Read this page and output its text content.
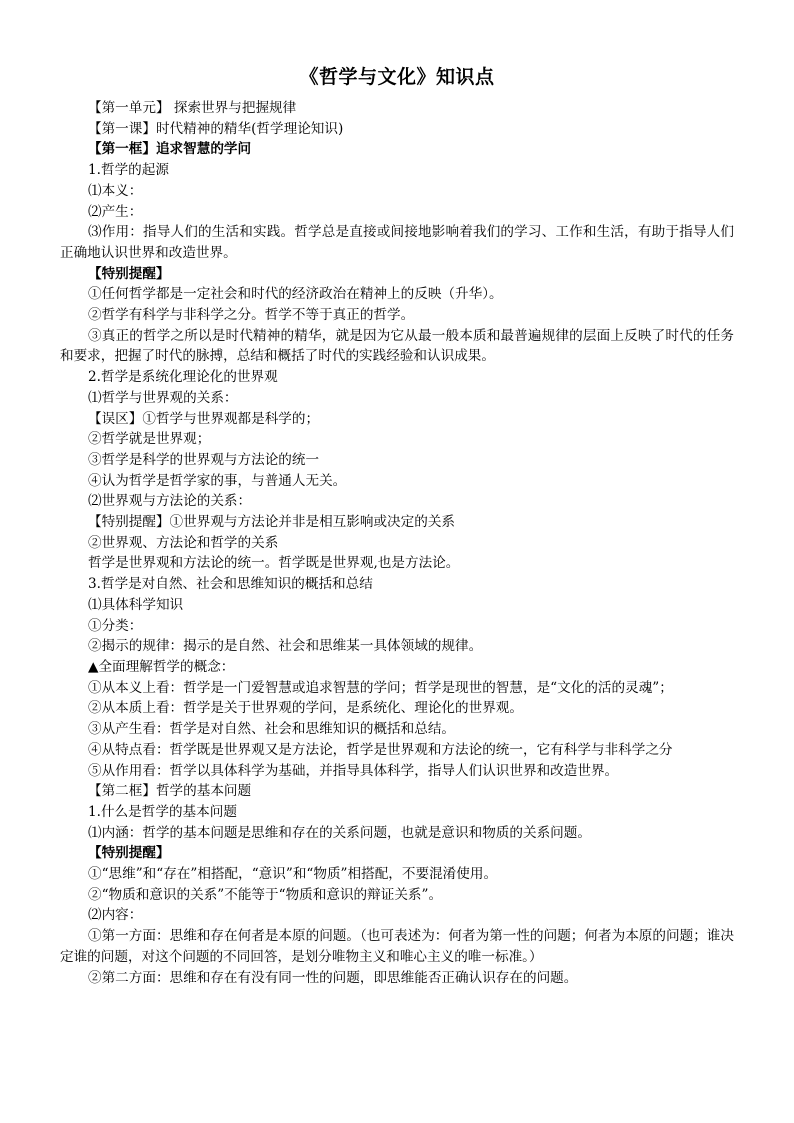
《哲学与文化》知识点
【第一单元】 探索世界与把握规律
【第一课】时代精神的精华(哲学理论知识)
【第一框】追求智慧的学问
1.哲学的起源
⑴本义：
⑵产生：
⑶作用：指导人们的生活和实践。哲学总是直接或间接地影响着我们的学习、工作和生活，有助于指导人们正确地认识世界和改造世界。
【特别提醒】
①任何哲学都是一定社会和时代的经济政治在精神上的反映（升华）。
②哲学有科学与非科学之分。哲学不等于真正的哲学。
③真正的哲学之所以是时代精神的精华，就是因为它从最一般本质和最普遍规律的层面上反映了时代的任务和要求，把握了时代的脉搏，总结和概括了时代的实践经验和认识成果。
2.哲学是系统化理论化的世界观
⑴哲学与世界观的关系：
【误区】①哲学与世界观都是科学的；
②哲学就是世界观；
③哲学是科学的世界观与方法论的统一
④认为哲学是哲学家的事，与普通人无关。
⑵世界观与方法论的关系：
【特别提醒】①世界观与方法论并非是相互影响或决定的关系
②世界观、方法论和哲学的关系
哲学是世界观和方法论的统一。哲学既是世界观,也是方法论。
3.哲学是对自然、社会和思维知识的概括和总结
⑴具体科学知识
①分类：
②揭示的规律：揭示的是自然、社会和思维某一具体领域的规律。
▲全面理解哲学的概念：
①从本义上看：哲学是一门爱智慧或追求智慧的学问；哲学是现世的智慧，是“文化的活的灵魂”；
②从本质上看：哲学是关于世界观的学问，是系统化、理论化的世界观。
③从产生看：哲学是对自然、社会和思维知识的概括和总结。
④从特点看：哲学既是世界观又是方法论，哲学是世界观和方法论的统一，它有科学与非科学之分
⑤从作用看：哲学以具体科学为基础，并指导具体科学，指导人们认识世界和改造世界。
【第二框】哲学的基本问题
1.什么是哲学的基本问题
⑴内涵：哲学的基本问题是思维和存在的关系问题，也就是意识和物质的关系问题。
【特别提醒】
①“思维”和“存在”相搭配，“意识”和“物质”相搭配，不要混淆使用。
②“物质和意识的关系”不能等于“物质和意识的辩证关系”。
⑵内容：
①第一方面：思维和存在何者是本原的问题。（也可表述为：何者为第一性的问题；何者为本原的问题；谁决定谁的问题，对这个问题的不同回答，是划分唯物主义和唯心主义的唯一标准。）
②第二方面：思维和存在有没有同一性的问题，即思维能否正确认识存在的问题。
